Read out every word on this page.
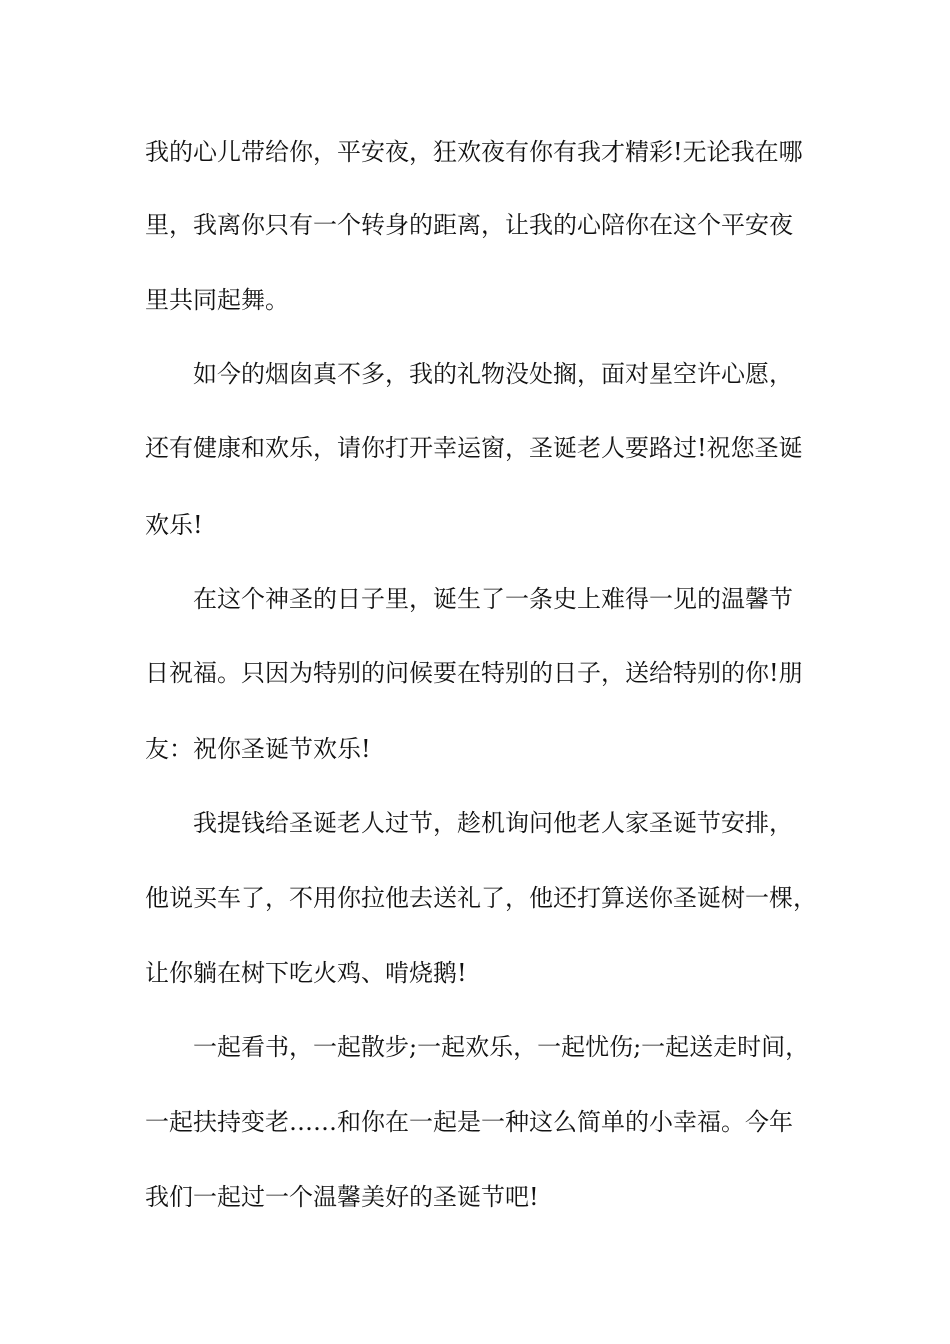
我的心儿带给你，平安夜，狂欢夜有你有我才精彩!无论我在哪
里，我离你只有一个转身的距离，让我的心陪你在这个平安夜
里共同起舞。
如今的烟囱真不多，我的礼物没处搁，面对星空许心愿，
还有健康和欢乐，请你打开幸运窗，圣诞老人要路过!祝您圣诞
欢乐!
在这个神圣的日子里，诞生了一条史上难得一见的温馨节
日祝福。只因为特别的问候要在特别的日子，送给特别的你!朋
友：祝你圣诞节欢乐!
我提钱给圣诞老人过节，趁机询问他老人家圣诞节安排，
他说买车了，不用你拉他去送礼了，他还打算送你圣诞树一棵，
让你躺在树下吃火鸡、啃烧鹅!
一起看书，一起散步;一起欢乐，一起忧伤;一起送走时间，
一起扶持变老……和你在一起是一种这么简单的小幸福。今年
我们一起过一个温馨美好的圣诞节吧!
